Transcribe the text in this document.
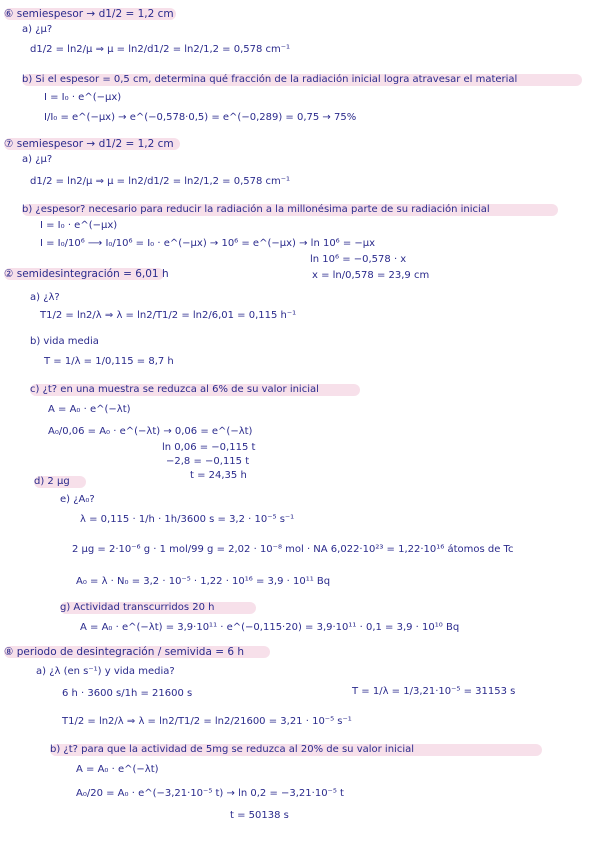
⑥ semiespesor → d1/2 = 1,2 cm
a) ¿μ?
d1/2 = ln2/μ ⇒ μ = ln2/d1/2 = ln2/1,2 = 0,578 cm⁻¹
b) Si el espesor = 0,5 cm, determina qué fracción de la radiación inicial logra atravesar el material
I = I₀ · e^(−μx)
I/I₀ = e^(−μx) → e^(−0,578·0,5) = e^(−0,289) = 0,75 → 75%
⑦ semiespesor → d1/2 = 1,2 cm
a) ¿μ?
d1/2 = ln2/μ ⇒ μ = ln2/d1/2 = ln2/1,2 = 0,578 cm⁻¹
b) ¿espesor? necesario para reducir la radiación a la millonésima parte de su radiación inicial
I = I₀ · e^(−μx)
I = I₀/10⁶ ⟶ I₀/10⁶ = I₀ · e^(−μx) → 10⁶ = e^(−μx) → ln 10⁶ = −μx
ln 10⁶ = −0,578 · x
x = ln/0,578 = 23,9 cm
② semidesintegración = 6,01 h
a) ¿λ?
T1/2 = ln2/λ ⇒ λ = ln2/T1/2 = ln2/6,01 = 0,115 h⁻¹
b) vida media
T = 1/λ = 1/0,115 = 8,7 h
c) ¿t? en una muestra se reduzca al 6% de su valor inicial
A = A₀ · e^(−λt)
A₀/0,06 = A₀ · e^(−λt) → 0,06 = e^(−λt)
ln 0,06 = −0,115 t
−2,8 = −0,115 t
t = 24,35 h
d) 2 μg
e) ¿A₀?
λ = 0,115 · 1/h · 1h/3600 s = 3,2 · 10⁻⁵ s⁻¹
2 μg = 2·10⁻⁶ g · 1 mol/99 g = 2,02 · 10⁻⁸ mol · NA 6,022·10²³ = 1,22·10¹⁶ átomos de Tc
A₀ = λ · N₀ = 3,2 · 10⁻⁵ · 1,22 · 10¹⁶ = 3,9 · 10¹¹ Bq
g) Actividad transcurridos 20 h
A = A₀ · e^(−λt) = 3,9·10¹¹ · e^(−0,115·20) = 3,9·10¹¹ · 0,1 = 3,9 · 10¹⁰ Bq
⑧ periodo de desintegración / semivida = 6 h
a) ¿λ (en s⁻¹) y vida media?
6 h · 3600 s/1h = 21600 s	T = 1/λ = 1/3,21·10⁻⁵ = 31153 s
T1/2 = ln2/λ ⇒ λ = ln2/T1/2 = ln2/21600 = 3,21 · 10⁻⁵ s⁻¹
b) ¿t? para que la actividad de 5mg se reduzca al 20% de su valor inicial
A = A₀ · e^(−λt)
A₀/20 = A₀ · e^(−3,21·10⁻⁵ t) → ln 0,2 = −3,21·10⁻⁵ t
t = 50138 s
